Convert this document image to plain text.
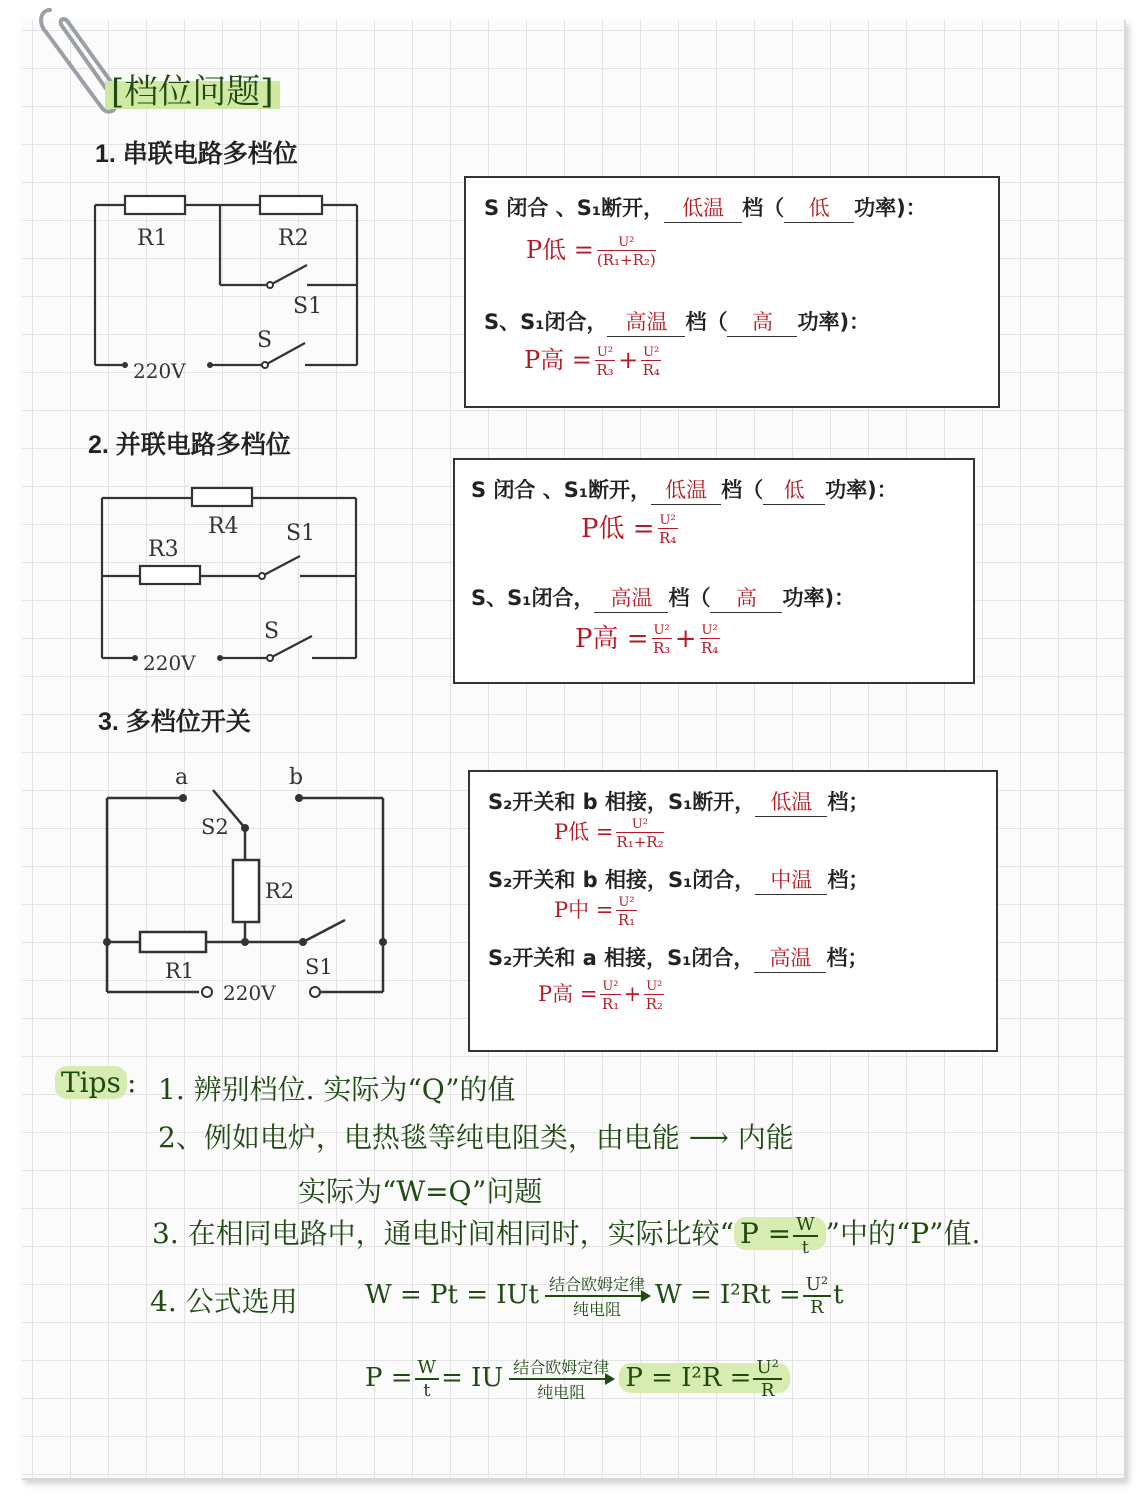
[档位问题]
1. 串联电路多档位
R1	R2
S1
S
220V
S 闭合 、S₁断开， 低温 档（ 低 功率)：
P低 = $\frac{\text{U²}}{\text{(R₁+R₂)}}$
S、S₁闭合， 高温 档（ 高 功率)：
P高 = $\frac{\text{U²}}{\text{R₃}} + \frac{\text{U²}}{\text{R₄}}$
2. 并联电路多档位
R4
R3
S1
S
220V
S 闭合 、S₁断开， 低温 档（ 低 功率)：
P低 = $\frac{\text{U²}}{\text{R₄}}$
S、S₁闭合， 高温 档（ 高 功率)：
P高 = $\frac{\text{U²}}{\text{R₃}} + \frac{\text{U²}}{\text{R₄}}$
3. 多档位开关
a	b
S2
R2
R1	S1
220V
S₂开关和 b 相接，S₁断开， 低温 档；
P低 = $\frac{\text{U²}}{\text{R₁+R₂}}$
S₂开关和 b 相接，S₁闭合， 中温 档；
P中 = $\frac{\text{U²}}{\text{R₁}}$
S₂开关和 a 相接，S₁闭合， 高温 档；
P高 = $\frac{\text{U²}}{\text{R₁}} + \frac{\text{U²}}{\text{R₂}}$
Tips : 1. 辨别档位. 实际为“Q”的值
2、例如电炉，电热毯等纯电阻类，由电能 ⟶ 内能
实际为“W=Q”问题
3. 在相同电路中，通电时间相同时，实际比较“ $P = \frac{W}{t}$ ”中的“P”值.
4. 公式选用	W = Pt = IUt 结合欧姆定律
纯电阻	$W = I^2Rt = \frac{\text{U²}}{R}$ t
$P = \frac{W}{t}$ = IU 结合欧姆定律
纯电阻	$P = I^2R = \frac{\text{U²}}{R}$
